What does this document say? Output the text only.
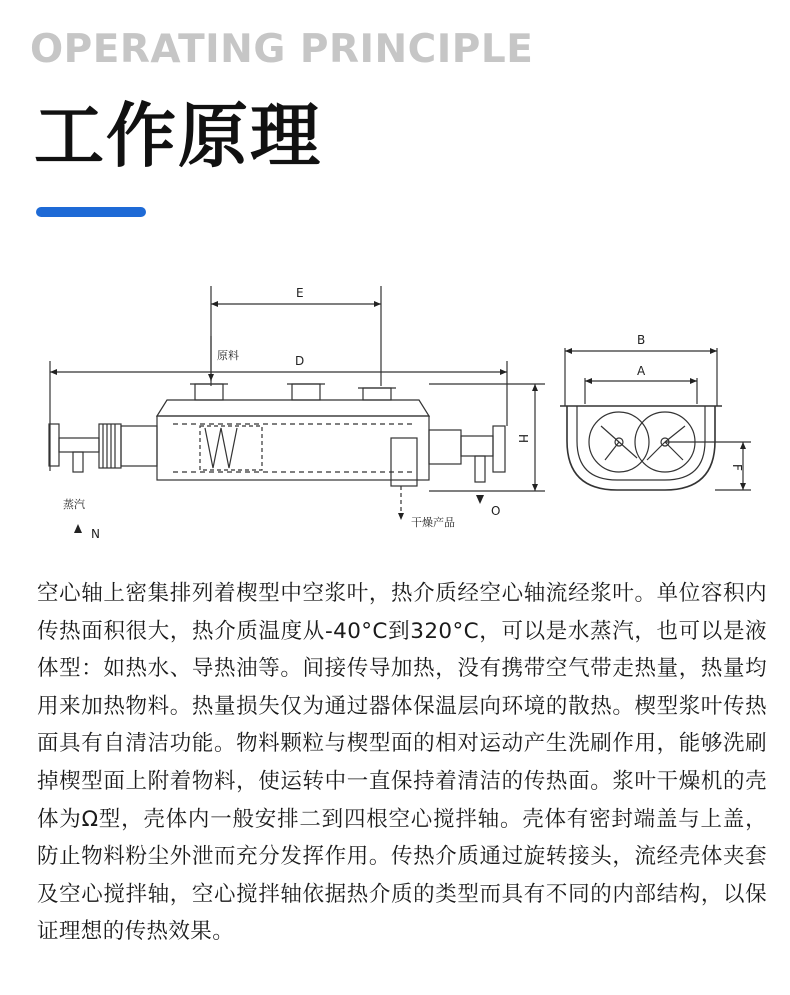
OPERATING PRINCIPLE
工作原理
E
D
H
B
A
F
O
N
原料
蒸汽
干燥产品

空心轴上密集排列着楔型中空浆叶，热介质经空心轴流经浆叶。单位容积内传热面积很大，热介质温度从-40°C到320°C，可以是水蒸汽，也可以是液体型：如热水、导热油等。间接传导加热，没有携带空气带走热量，热量均用来加热物料。热量损失仅为通过器体保温层向环境的散热。楔型浆叶传热面具有自清洁功能。物料颗粒与楔型面的相对运动产生洗刷作用，能够洗刷掉楔型面上附着物料，使运转中一直保持着清洁的传热面。浆叶干燥机的壳体为Ω型，壳体内一般安排二到四根空心搅拌轴。壳体有密封端盖与上盖，防止物料粉尘外泄而充分发挥作用。传热介质通过旋转接头，流经壳体夹套及空心搅拌轴，空心搅拌轴依据热介质的类型而具有不同的内部结构，以保证理想的传热效果。
